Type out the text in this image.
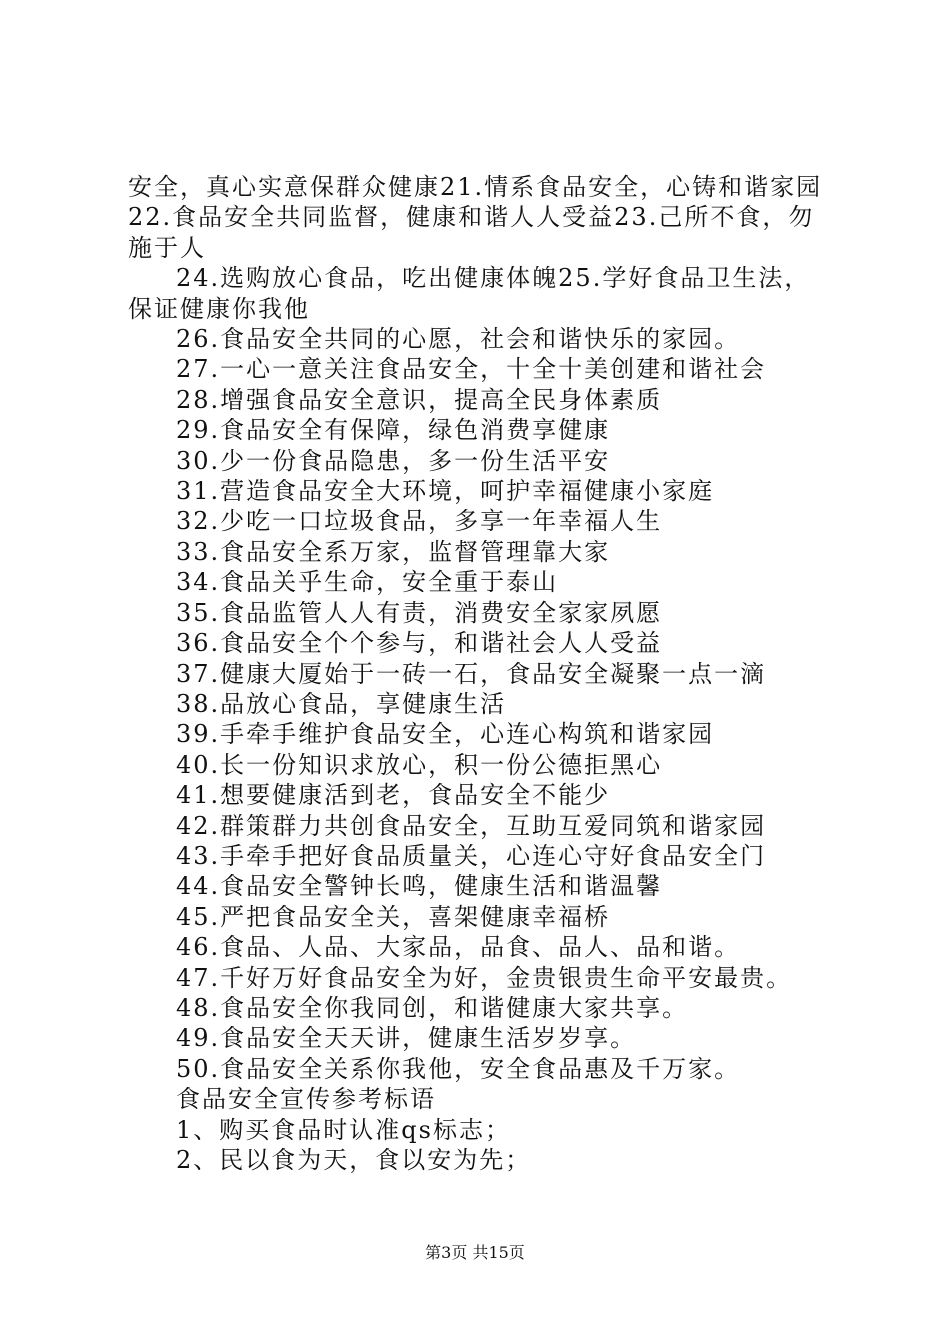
安全，真心实意保群众健康21.情系食品安全，心铸和谐家园22.食品安全共同监督，健康和谐人人受益23.己所不食，勿施于人

24.选购放心食品，吃出健康体魄25.学好食品卫生法，保证健康你我他

26.食品安全共同的心愿，社会和谐快乐的家园。

27.一心一意关注食品安全，十全十美创建和谐社会

28.增强食品安全意识，提高全民身体素质

29.食品安全有保障，绿色消费享健康

30.少一份食品隐患，多一份生活平安

31.营造食品安全大环境，呵护幸福健康小家庭

32.少吃一口垃圾食品，多享一年幸福人生

33.食品安全系万家，监督管理靠大家

34.食品关乎生命，安全重于泰山

35.食品监管人人有责，消费安全家家夙愿

36.食品安全个个参与，和谐社会人人受益

37.健康大厦始于一砖一石，食品安全凝聚一点一滴

38.品放心食品，享健康生活

39.手牵手维护食品安全，心连心构筑和谐家园

40.长一份知识求放心，积一份公德拒黑心

41.想要健康活到老，食品安全不能少

42.群策群力共创食品安全，互助互爱同筑和谐家园

43.手牵手把好食品质量关，心连心守好食品安全门

44.食品安全警钟长鸣，健康生活和谐温馨

45.严把食品安全关，喜架健康幸福桥

46.食品、人品、大家品，品食、品人、品和谐。

47.千好万好食品安全为好，金贵银贵生命平安最贵。

48.食品安全你我同创，和谐健康大家共享。

49.食品安全天天讲，健康生活岁岁享。

50.食品安全关系你我他，安全食品惠及千万家。

食品安全宣传参考标语

1、购买食品时认准qs标志；

2、民以食为天，食以安为先；

第3页 共15页
